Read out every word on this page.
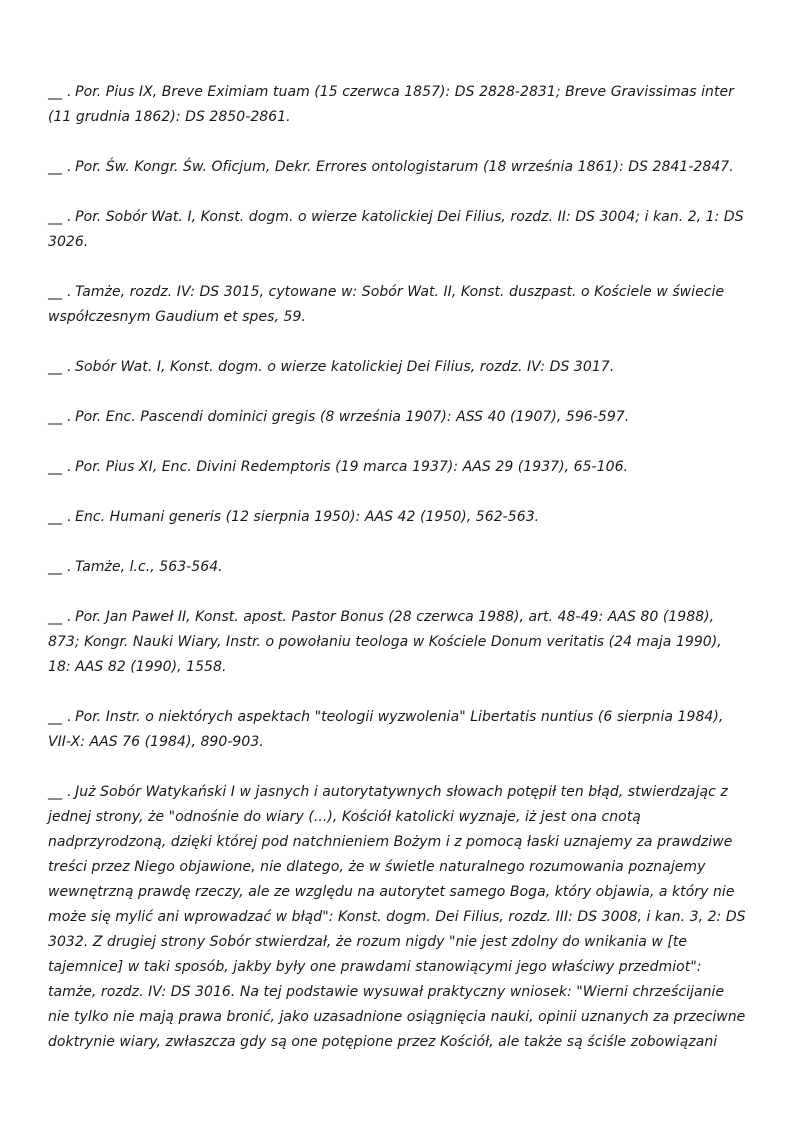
__ . Por. Pius IX, Breve Eximiam tuam (15 czerwca 1857): DS 2828-2831; Breve Gravissimas inter (11 grudnia 1862): DS 2850-2861.

__ . Por. Św. Kongr. Św. Oficjum, Dekr. Errores ontologistarum (18 września 1861): DS 2841-2847.

__ . Por. Sobór Wat. I, Konst. dogm. o wierze katolickiej Dei Filius, rozdz. II: DS 3004; i kan. 2, 1: DS 3026.

__ . Tamże, rozdz. IV: DS 3015, cytowane w: Sobór Wat. II, Konst. duszpast. o Kościele w świecie współczesnym Gaudium et spes, 59.

__ . Sobór Wat. I, Konst. dogm. o wierze katolickiej Dei Filius, rozdz. IV: DS 3017.

__ . Por. Enc. Pascendi dominici gregis (8 września 1907): ASS 40 (1907), 596-597.

__ . Por. Pius XI, Enc. Divini Redemptoris (19 marca 1937): AAS 29 (1937), 65-106.

__ . Enc. Humani generis (12 sierpnia 1950): AAS 42 (1950), 562-563.

__ . Tamże, l.c., 563-564.

__ . Por. Jan Paweł II, Konst. apost. Pastor Bonus (28 czerwca 1988), art. 48-49: AAS 80 (1988), 873; Kongr. Nauki Wiary, Instr. o powołaniu teologa w Kościele Donum veritatis (24 maja 1990), 18: AAS 82 (1990), 1558.

__ . Por. Instr. o niektórych aspektach "teologii wyzwolenia" Libertatis nuntius (6 sierpnia 1984), VII-X: AAS 76 (1984), 890-903.

__ . Już Sobór Watykański I w jasnych i autorytatywnych słowach potępił ten błąd, stwierdzając z jednej strony, że "odnośnie do wiary (...), Kościół katolicki wyznaje, iż jest ona cnotą nadprzyrodzoną, dzięki której pod natchnieniem Bożym i z pomocą łaski uznajemy za prawdziwe treści przez Niego objawione, nie dlatego, że w świetle naturalnego rozumowania poznajemy wewnętrzną prawdę rzeczy, ale ze względu na autorytet samego Boga, który objawia, a który nie może się mylić ani wprowadzać w błąd": Konst. dogm. Dei Filius, rozdz. III: DS 3008, i kan. 3, 2: DS 3032. Z drugiej strony Sobór stwierdzał, że rozum nigdy "nie jest zdolny do wnikania w [te tajemnice] w taki sposób, jakby były one prawdami stanowiącymi jego właściwy przedmiot": tamże, rozdz. IV: DS 3016. Na tej podstawie wysuwał praktyczny wniosek: "Wierni chrześcijanie nie tylko nie mają prawa bronić, jako uzasadnione osiągnięcia nauki, opinii uznanych za przeciwne doktrynie wiary, zwłaszcza gdy są one potępione przez Kościół, ale także są ściśle zobowiązani
